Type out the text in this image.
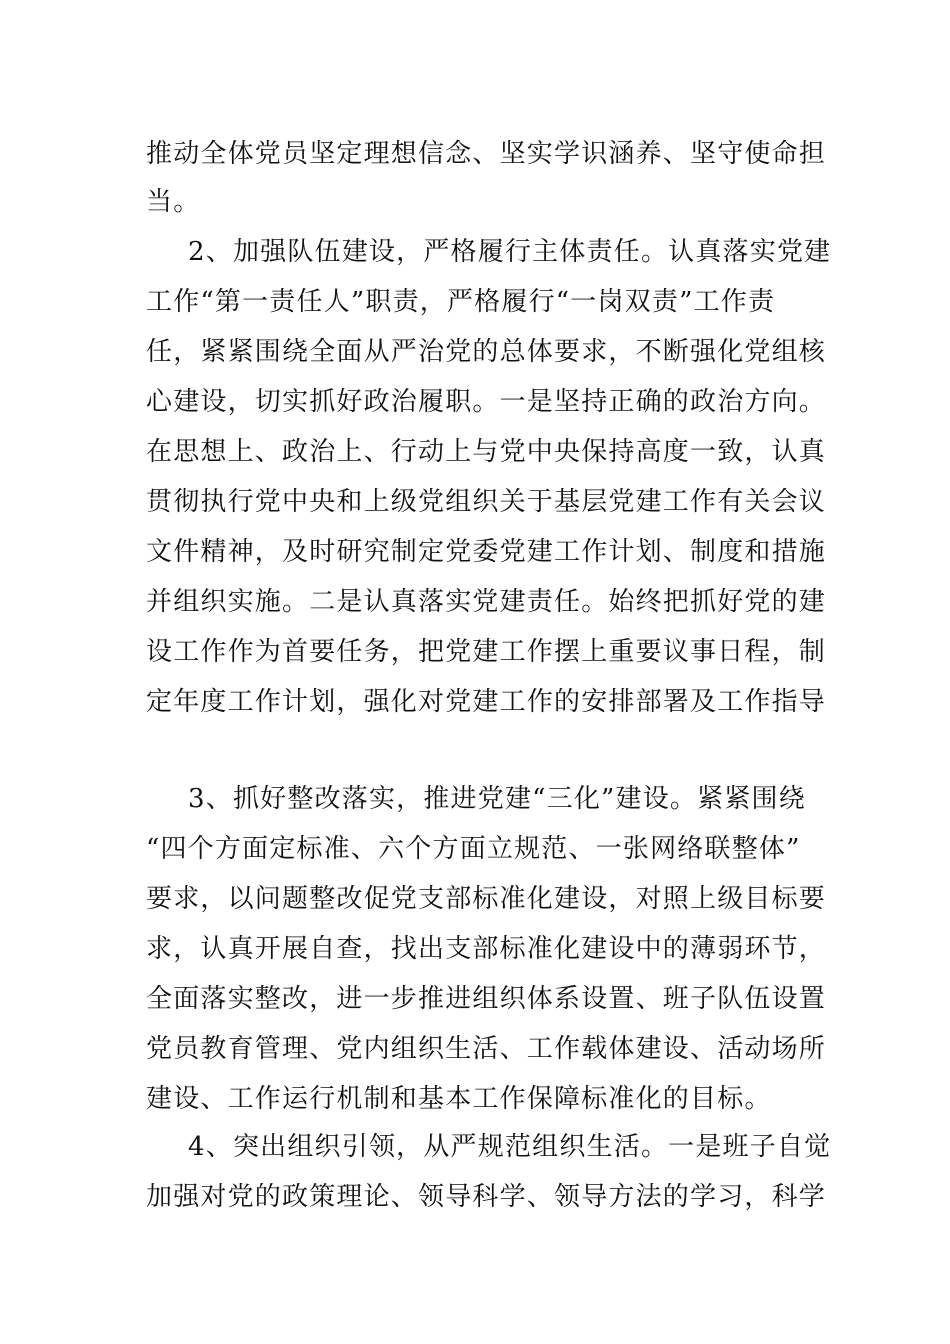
推动全体党员坚定理想信念、坚实学识涵养、坚守使命担
当。
2、加强队伍建设，严格履行主体责任。认真落实党建
工作“第一责任人”职责，严格履行“一岗双责”工作责
任，紧紧围绕全面从严治党的总体要求，不断强化党组核
心建设，切实抓好政治履职。一是坚持正确的政治方向。
在思想上、政治上、行动上与党中央保持高度一致，认真
贯彻执行党中央和上级党组织关于基层党建工作有关会议
文件精神，及时研究制定党委党建工作计划、制度和措施
并组织实施。二是认真落实党建责任。始终把抓好党的建
设工作作为首要任务，把党建工作摆上重要议事日程，制
定年度工作计划，强化对党建工作的安排部署及工作指导
3、抓好整改落实，推进党建“三化”建设。紧紧围绕
“四个方面定标准、六个方面立规范、一张网络联整体”
要求，以问题整改促党支部标准化建设，对照上级目标要
求，认真开展自查，找出支部标准化建设中的薄弱环节，
全面落实整改，进一步推进组织体系设置、班子队伍设置
党员教育管理、党内组织生活、工作载体建设、活动场所
建设、工作运行机制和基本工作保障标准化的目标。
4、突出组织引领，从严规范组织生活。一是班子自觉
加强对党的政策理论、领导科学、领导方法的学习，科学
